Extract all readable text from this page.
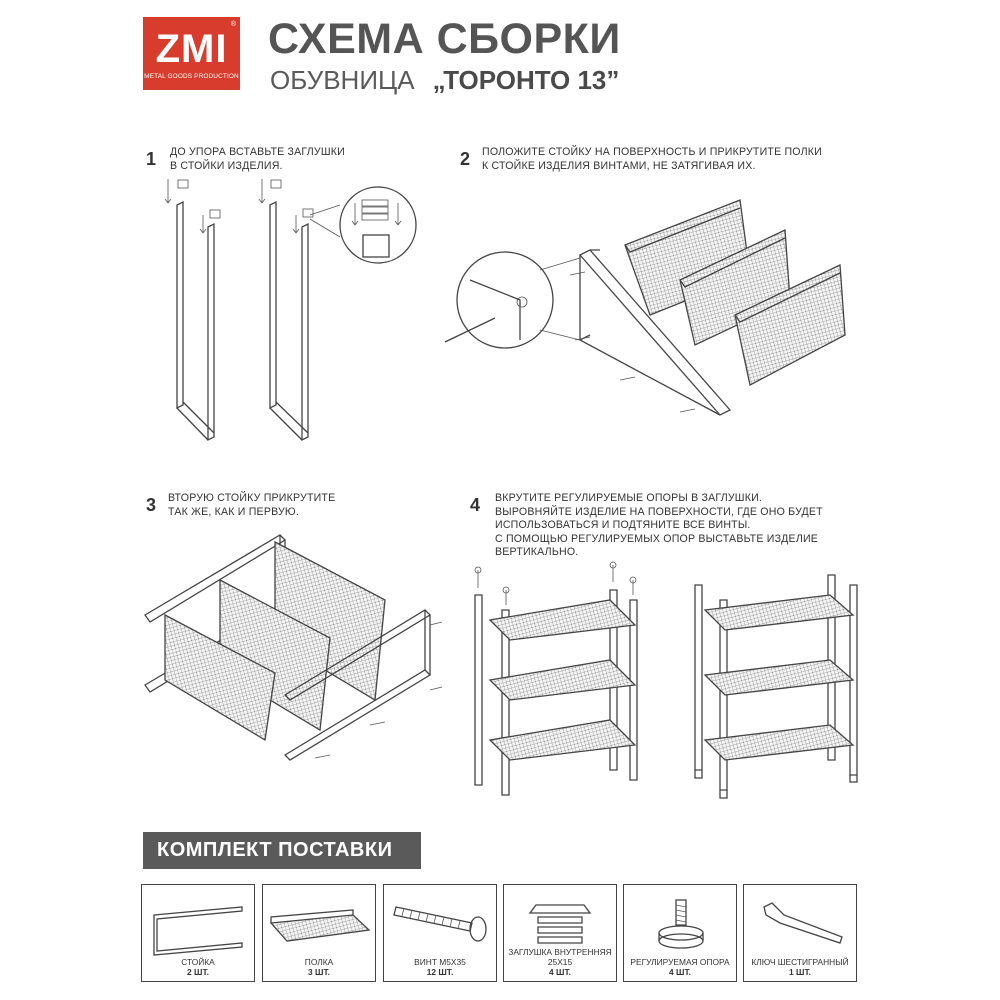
®
ZMI
METAL GOODS PRODUCTION
СХЕМА СБОРКИ
ОБУВНИЦА „ТОРОНТО 13”
1 ДО УПОРА ВСТАВЬТЕ ЗАГЛУШКИ
В СТОЙКИ ИЗДЕЛИЯ.	2 ПОЛОЖИТЕ СТОЙКУ НА ПОВЕРХНОСТЬ И ПРИКРУТИТЕ ПОЛКИ
К СТОЙКЕ ИЗДЕЛИЯ ВИНТАМИ, НЕ ЗАТЯГИВАЯ ИХ.
3 ВТОРУЮ СТОЙКУ ПРИКРУТИТЕ
ТАК ЖЕ, КАК И ПЕРВУЮ.	4 ВКРУТИТЕ РЕГУЛИРУЕМЫЕ ОПОРЫ В ЗАГЛУШКИ.
ВЫРОВНЯЙТЕ ИЗДЕЛИЕ НА ПОВЕРХНОСТИ, ГДЕ ОНО БУДЕТ
ИСПОЛЬЗОВАТЬСЯ И ПОДТЯНИТЕ ВСЕ ВИНТЫ.
С ПОМОЩЬЮ РЕГУЛИРУЕМЫХ ОПОР ВЫСТАВЬТЕ ИЗДЕЛИЕ
ВЕРТИКАЛЬНО.
КОМПЛЕКТ ПОСТАВКИ
СТОЙКА
2 ШТ.
ПОЛКА
3 ШТ.
ВИНТ М5Х35
12 ШТ.
ЗАГЛУШКА ВНУТРЕННЯЯ 25Х15
4 ШТ.
РЕГУЛИРУЕМАЯ ОПОРА
4 ШТ.
КЛЮЧ ШЕСТИГРАННЫЙ
1 ШТ.
